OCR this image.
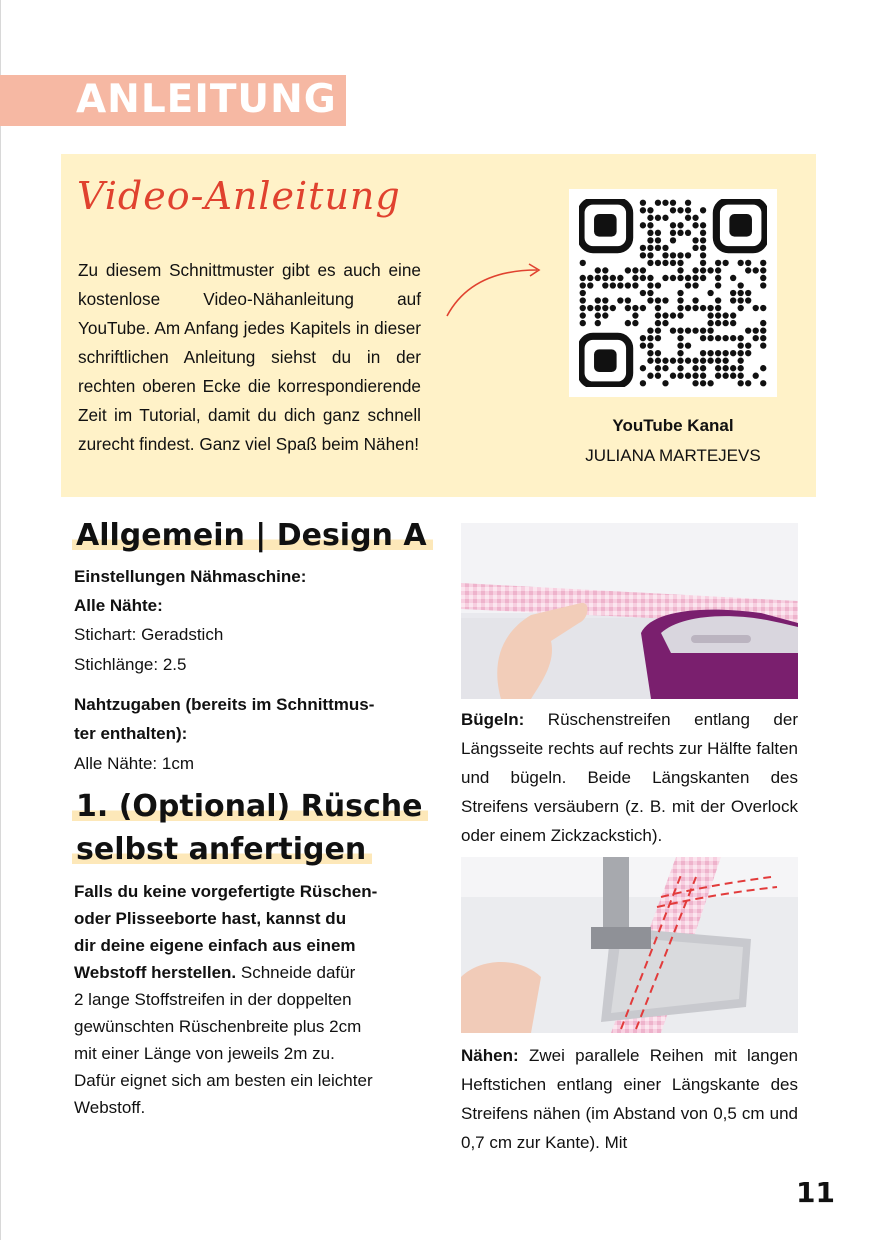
ANLEITUNG
Video-Anleitung
Zu diesem Schnittmuster gibt es auch eine kostenlose Video-Nähanleitung auf YouTube. Am Anfang jedes Kapitels in dieser schriftlichen Anleitung siehst du in der rechten oberen Ecke die korrespondierende Zeit im Tutorial, damit du dich ganz schnell zurecht findest. Ganz viel Spaß beim Nähen!
YouTube Kanal
JULIANA MARTEJEVS
Allgemein | Design A
Einstellungen Nähmaschine:
Alle Nähte:
Stichart: Geradstich
Stichlänge: 2.5
Nahtzugaben (bereits im Schnittmus-
ter enthalten):
Alle Nähte: 1cm
1. (Optional) Rüsche
selbst anfertigen
Falls du keine vorgefertigte Rüschen-
oder Plisseeborte hast, kannst du
dir deine eigene einfach aus einem
Webstoff herstellen. Schneide dafür
2 lange Stoffstreifen in der doppelten
gewünschten Rüschenbreite plus 2cm
mit einer Länge von jeweils 2m zu.
Dafür eignet sich am besten ein leichter
Webstoff.
Bügeln: Rüschenstreifen entlang der Längsseite rechts auf rechts zur Hälfte falten und bügeln. Beide Längskanten des Streifens versäubern (z. B. mit der Overlock oder einem Zickzackstich).
Nähen: Zwei parallele Reihen mit langen Heftstichen entlang einer Längskante des Streifens nähen (im Abstand von 0,5 cm und 0,7 cm zur Kante). Mit
11
